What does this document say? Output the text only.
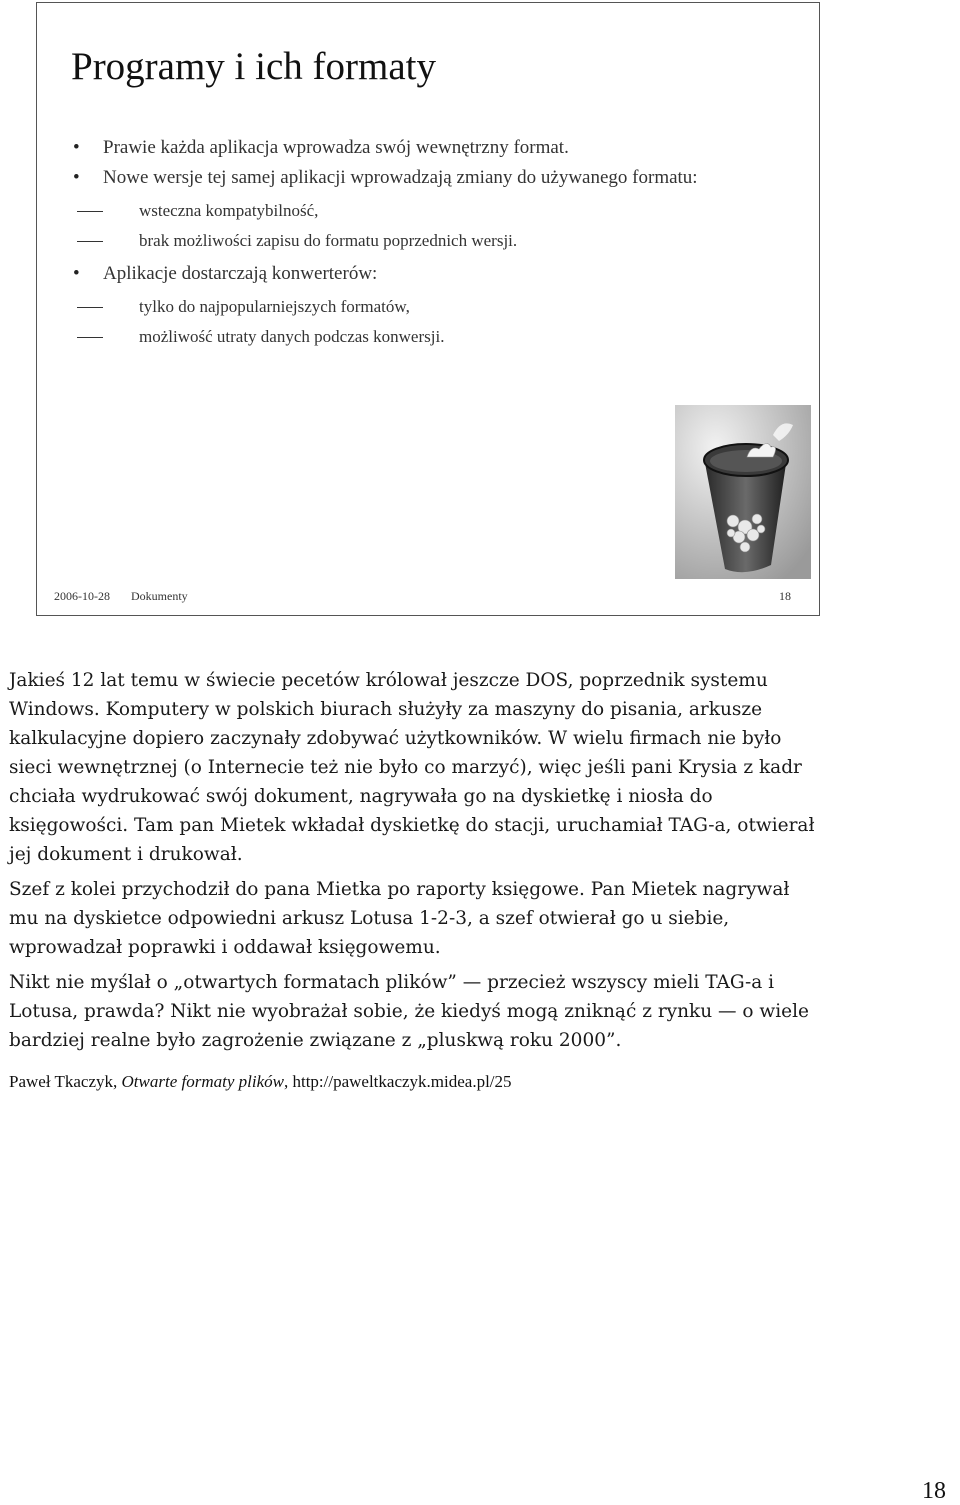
Programy i ich formaty
• Prawie każda aplikacja wprowadza swój wewnętrzny format.
• Nowe wersje tej samej aplikacji wprowadzają zmiany do używanego formatu:
wsteczna kompatybilność,
brak możliwości zapisu do formatu poprzednich wersji.
• Aplikacje dostarczają konwerterów:
tylko do najpopularniejszych formatów,
możliwość utraty danych podczas konwersji.
2006-10-28	Dokumenty	18

Jakieś 12 lat temu w świecie pecetów królował jeszcze DOS, poprzednik systemu Windows. Komputery w polskich biurach służyły za maszyny do pisania, arkusze kalkulacyjne dopiero zaczynały zdobywać użytkowników. W wielu firmach nie było sieci wewnętrznej (o Internecie też nie było co marzyć), więc jeśli pani Krysia z kadr chciała wydrukować swój dokument, nagrywała go na dyskietkę i niosła do księgowości. Tam pan Mietek wkładał dyskietkę do stacji, uruchamiał TAG-a, otwierał jej dokument i drukował.

Szef z kolei przychodził do pana Mietka po raporty księgowe. Pan Mietek nagrywał mu na dyskietce odpowiedni arkusz Lotusa 1-2-3, a szef otwierał go u siebie, wprowadzał poprawki i oddawał księgowemu.

Nikt nie myślał o „otwartych formatach plików” — przecież wszyscy mieli TAG-a i Lotusa, prawda? Nikt nie wyobrażał sobie, że kiedyś mogą zniknąć z rynku — o wiele bardziej realne było zagrożenie związane z „pluskwą roku 2000”.

Paweł Tkaczyk, Otwarte formaty plików, http://paweltkaczyk.midea.pl/25
18
